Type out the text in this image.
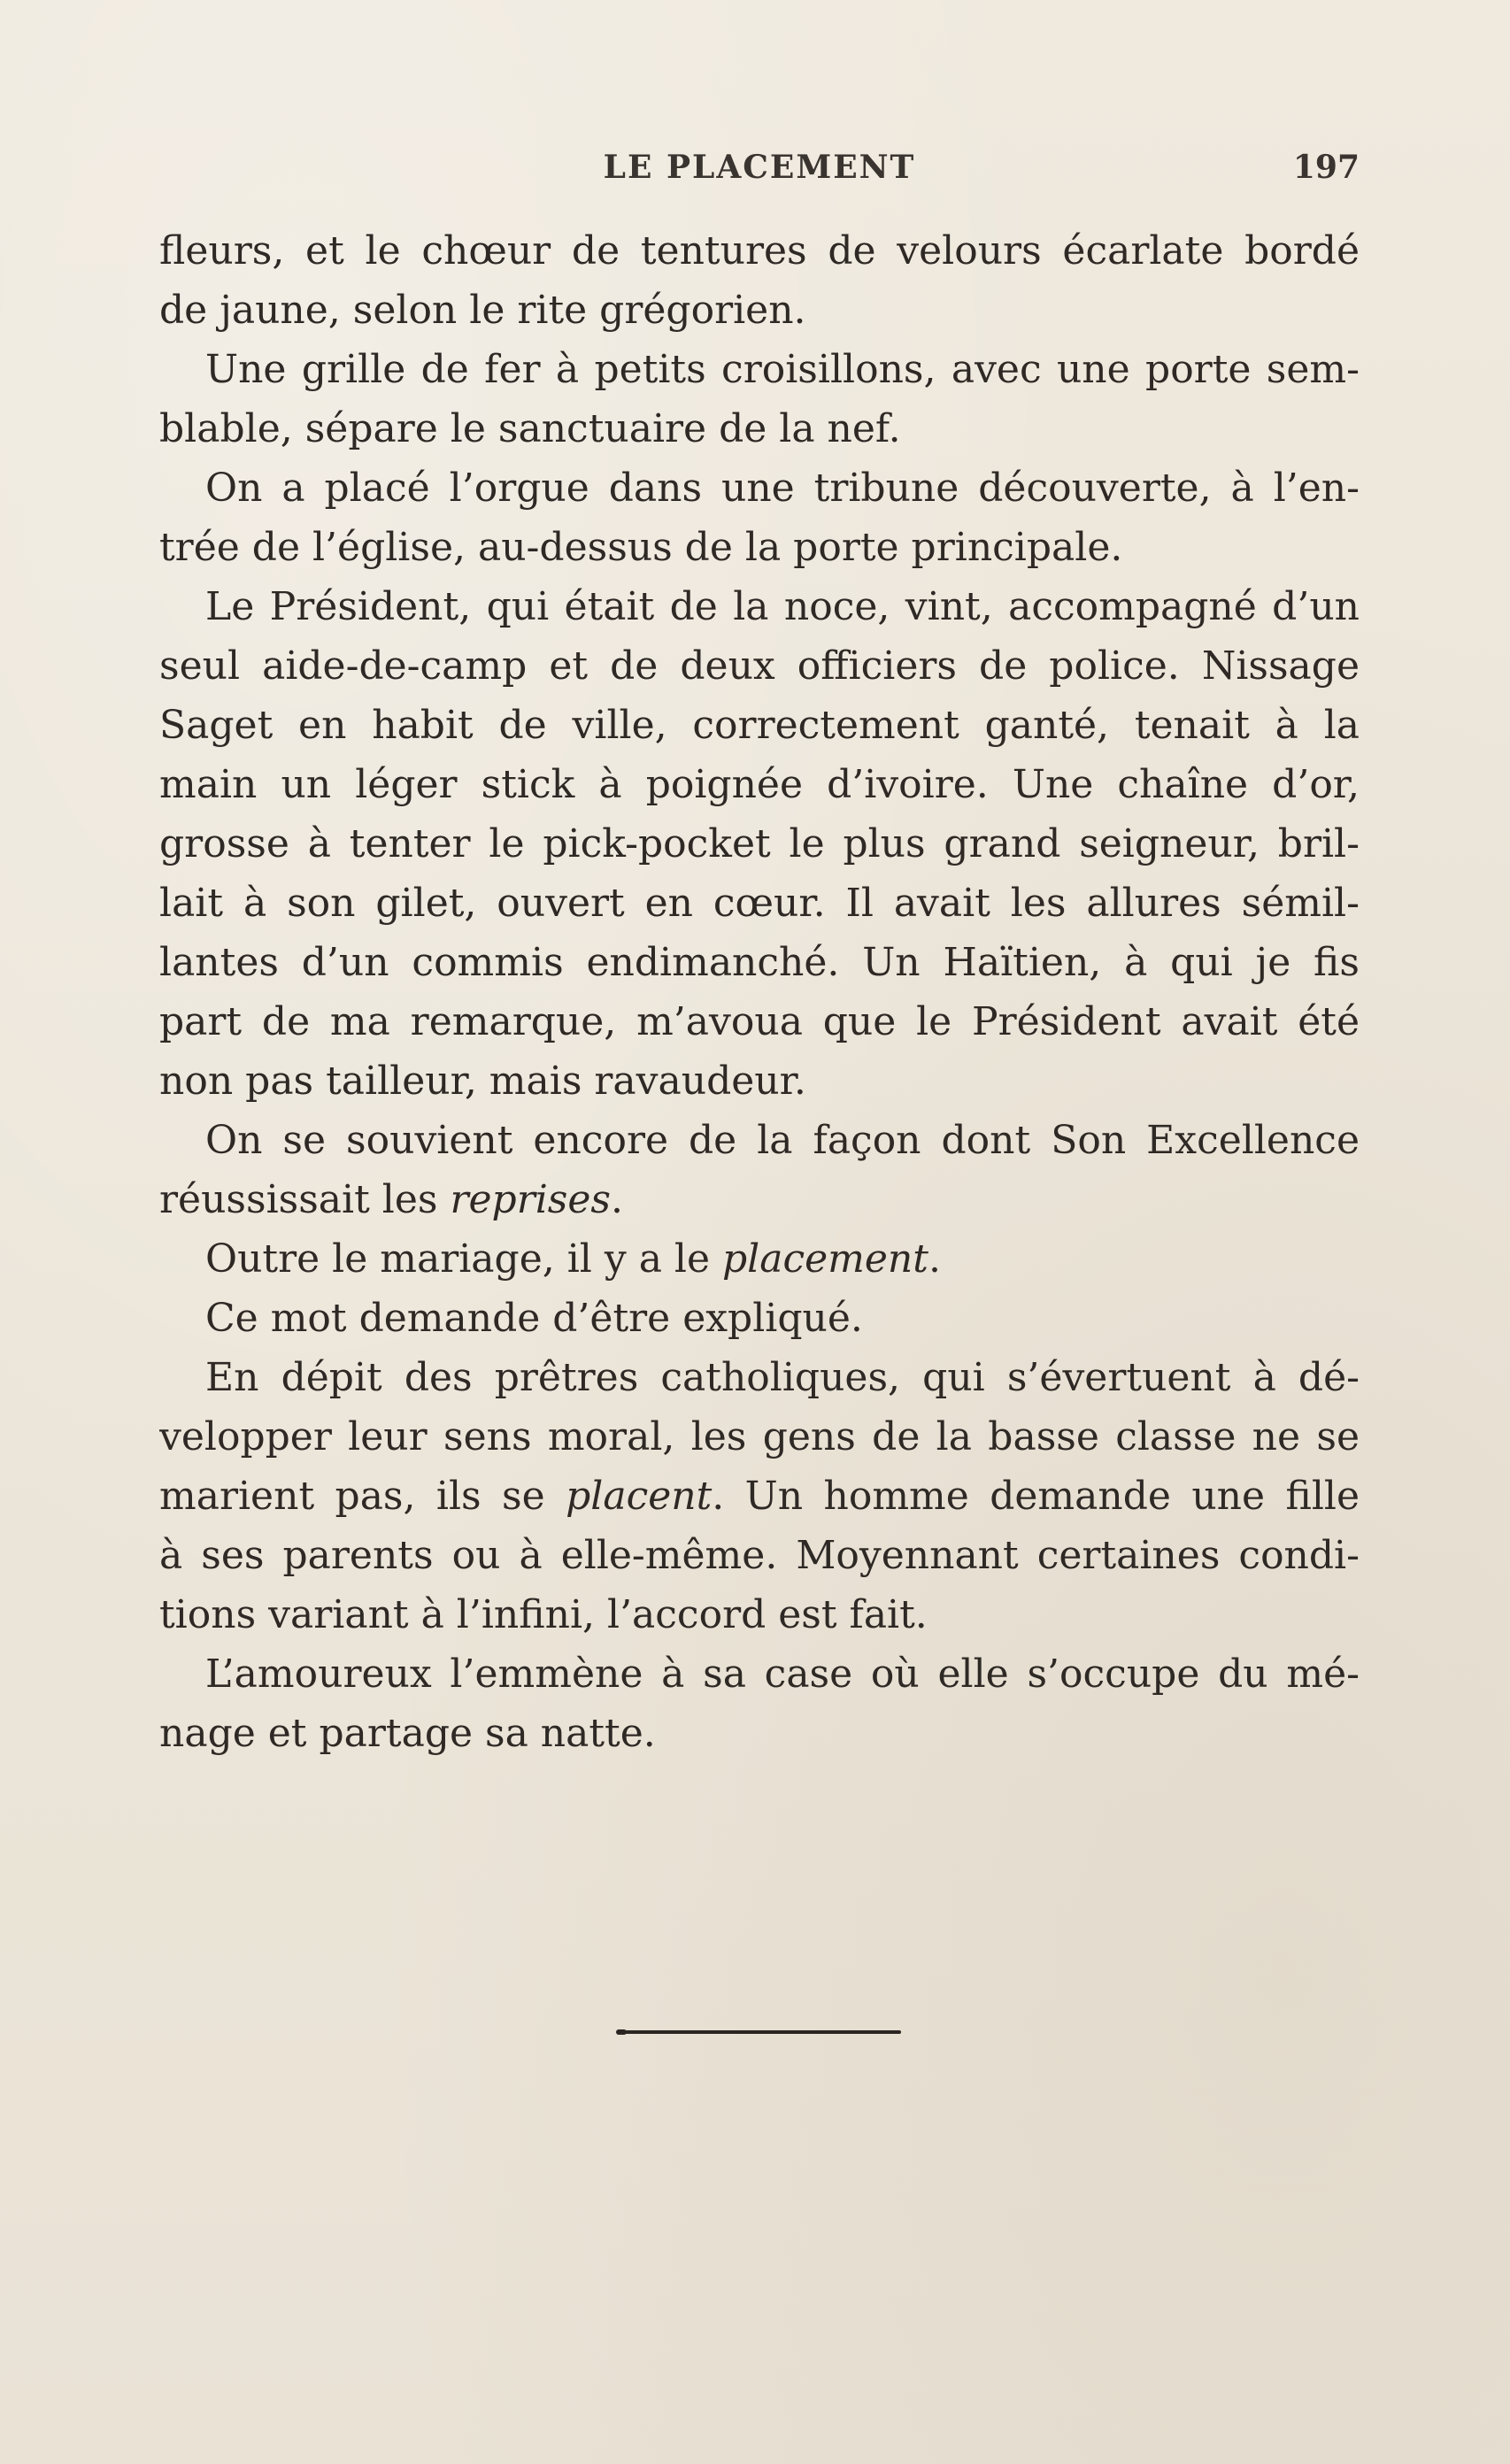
LE PLACEMENT	197
fleurs, et le chœur de tentures de velours écarlate bordé
de jaune, selon le rite grégorien.
Une grille de fer à petits croisillons, avec une porte sem-
blable, sépare le sanctuaire de la nef.
On a placé l’orgue dans une tribune découverte, à l’en-
trée de l’église, au-dessus de la porte principale.
Le Président, qui était de la noce, vint, accompagné d’un
seul aide-de-camp et de deux officiers de police. Nissage
Saget en habit de ville, correctement ganté, tenait à la
main un léger stick à poignée d’ivoire. Une chaîne d’or,
grosse à tenter le pick-pocket le plus grand seigneur, bril-
lait à son gilet, ouvert en cœur. Il avait les allures sémil-
lantes d’un commis endimanché. Un Haïtien, à qui je fis
part de ma remarque, m’avoua que le Président avait été
non pas tailleur, mais ravaudeur.
On se souvient encore de la façon dont Son Excellence
réussissait les reprises.
Outre le mariage, il y a le placement.
Ce mot demande d’être expliqué.
En dépit des prêtres catholiques, qui s’évertuent à dé-
velopper leur sens moral, les gens de la basse classe ne se
marient pas, ils se placent. Un homme demande une fille
à ses parents ou à elle-même. Moyennant certaines condi-
tions variant à l’infini, l’accord est fait.
L’amoureux l’emmène à sa case où elle s’occupe du mé-
nage et partage sa natte.
